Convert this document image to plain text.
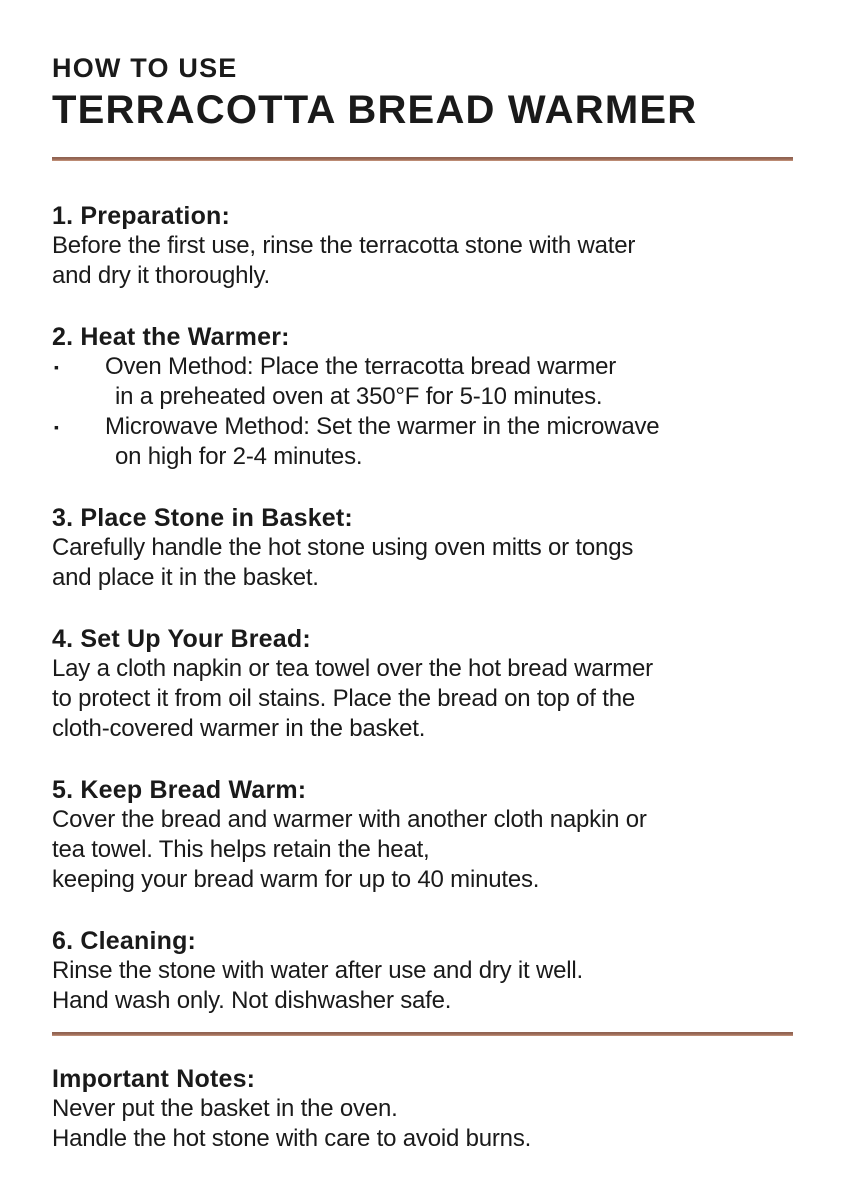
HOW TO USE
TERRACOTTA BREAD WARMER
1. Preparation:
Before the first use, rinse the terracotta stone with water
and dry it thoroughly.
2. Heat the Warmer:
▪	Oven Method: Place the terracotta bread warmer
in a preheated oven at 350°F for 5-10 minutes.
▪	Microwave Method: Set the warmer in the microwave
on high for 2-4 minutes.
3. Place Stone in Basket:
Carefully handle the hot stone using oven mitts or tongs
and place it in the basket.
4. Set Up Your Bread:
Lay a cloth napkin or tea towel over the hot bread warmer
to protect it from oil stains. Place the bread on top of the
cloth-covered warmer in the basket.
5. Keep Bread Warm:
Cover the bread and warmer with another cloth napkin or
tea towel. This helps retain the heat,
keeping your bread warm for up to 40 minutes.
6. Cleaning:
Rinse the stone with water after use and dry it well.
Hand wash only. Not dishwasher safe.
Important Notes:
Never put the basket in the oven.
Handle the hot stone with care to avoid burns.
